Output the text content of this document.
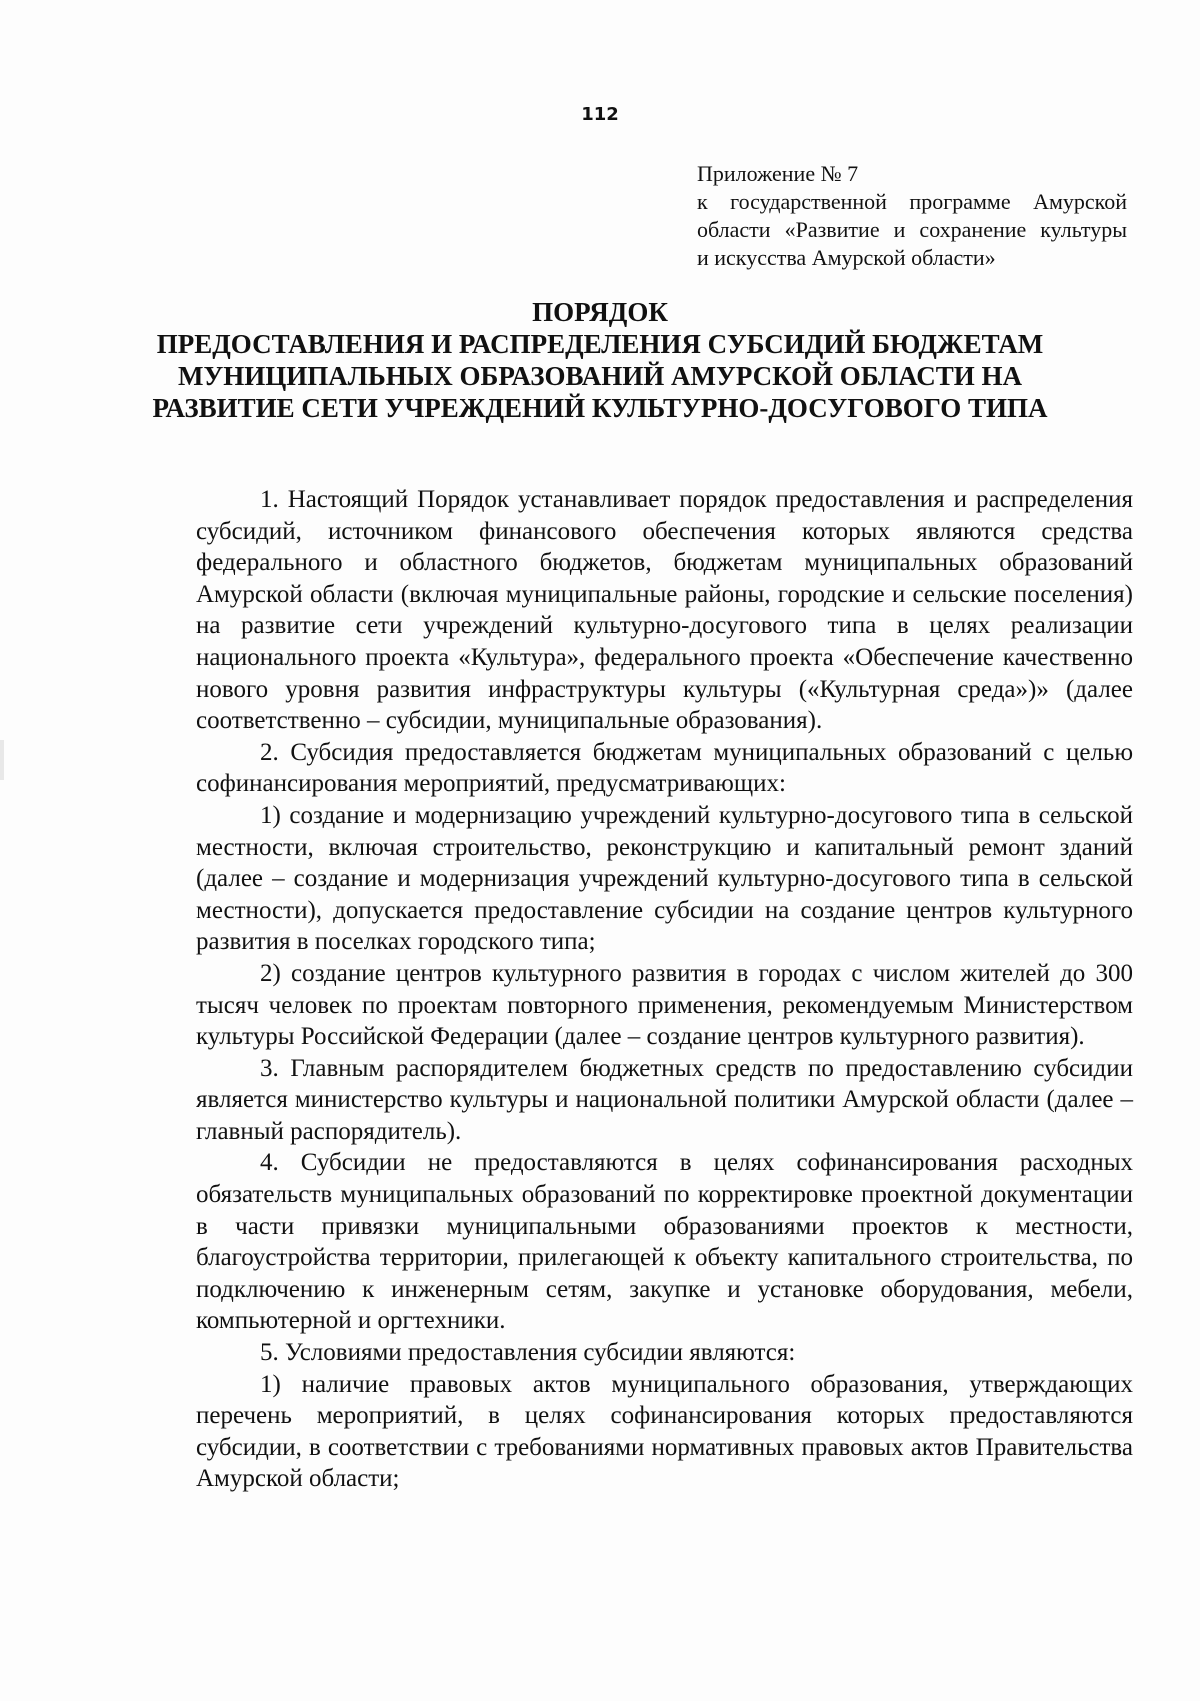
112
Приложение № 7
к государственной программе Амурской
области «Развитие и сохранение культуры
и искусства Амурской области»
ПОРЯДОК
ПРЕДОСТАВЛЕНИЯ И РАСПРЕДЕЛЕНИЯ СУБСИДИЙ БЮДЖЕТАМ
МУНИЦИПАЛЬНЫХ ОБРАЗОВАНИЙ АМУРСКОЙ ОБЛАСТИ НА
РАЗВИТИЕ СЕТИ УЧРЕЖДЕНИЙ КУЛЬТУРНО-ДОСУГОВОГО ТИПА

1. Настоящий Порядок устанавливает порядок предоставления и распределения субсидий, источником финансового обеспечения которых являются средства федерального и областного бюджетов, бюджетам муниципальных образований Амурской области (включая муниципальные районы, городские и сельские поселения) на развитие сети учреждений культурно-досугового типа в целях реализации национального проекта «Культура», федерального проекта «Обеспечение качественно нового уровня развития инфраструктуры культуры («Культурная среда»)» (далее соответственно – субсидии, муниципальные образования).

2. Субсидия предоставляется бюджетам муниципальных образований с целью софинансирования мероприятий, предусматривающих:

1) создание и модернизацию учреждений культурно-досугового типа в сельской местности, включая строительство, реконструкцию и капитальный ремонт зданий (далее – создание и модернизация учреждений культурно-досугового типа в сельской местности), допускается предоставление субсидии на создание центров культурного развития в поселках городского типа;

2) создание центров культурного развития в городах с числом жителей до 300 тысяч человек по проектам повторного применения, рекомендуемым Министерством культуры Российской Федерации (далее – создание центров культурного развития).

3. Главным распорядителем бюджетных средств по предоставлению субсидии является министерство культуры и национальной политики Амурской области (далее – главный распорядитель).

4. Субсидии не предоставляются в целях софинансирования расходных обязательств муниципальных образований по корректировке проектной документации в части привязки муниципальными образованиями проектов к местности, благоустройства территории, прилегающей к объекту капитального строительства, по подключению к инженерным сетям, закупке и установке оборудования, мебели, компьютерной и оргтехники.

5. Условиями предоставления субсидии являются:

1) наличие правовых актов муниципального образования, утверждающих перечень мероприятий, в целях софинансирования которых предоставляются субсидии, в соответствии с требованиями нормативных правовых актов Правительства Амурской области;
